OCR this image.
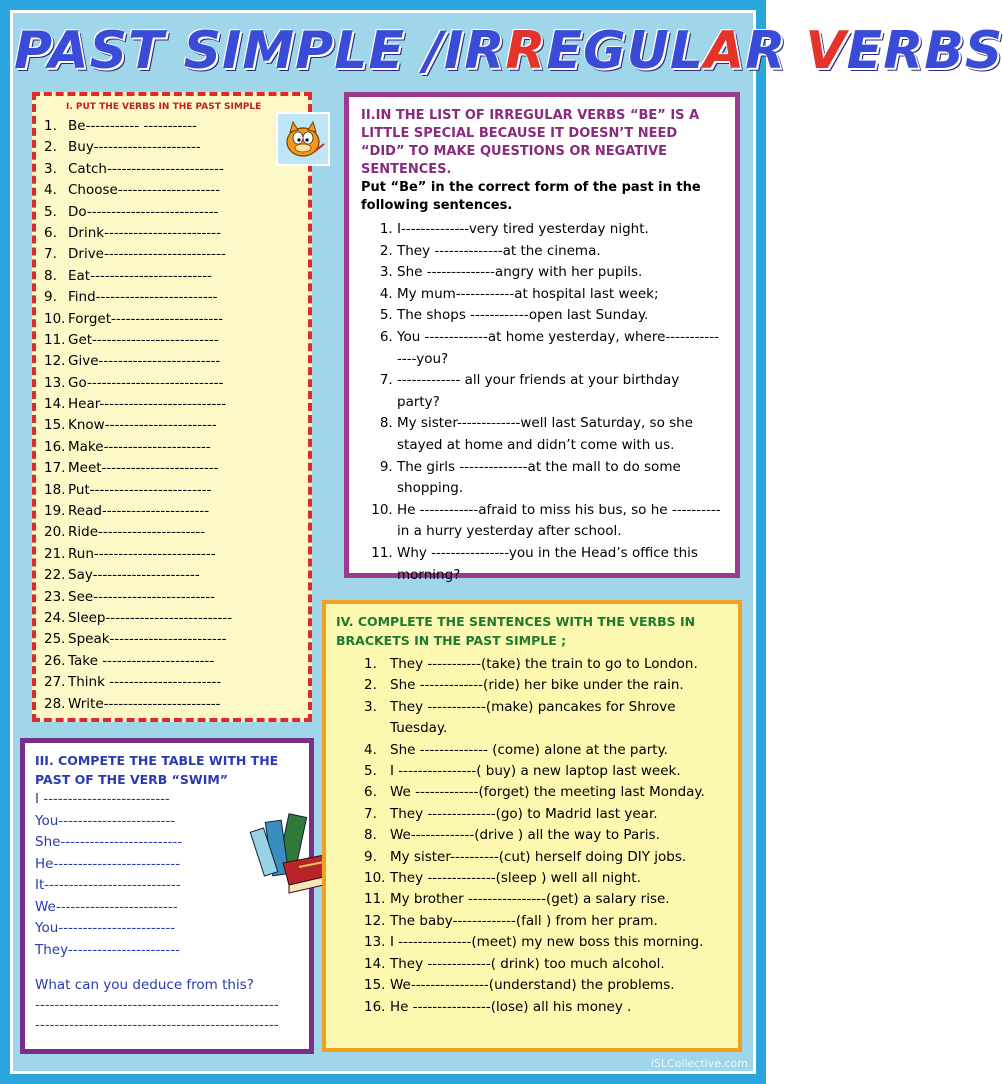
PAST SIMPLE /IRREGULAR VERBS
I. PUT THE VERBS IN THE PAST SIMPLE
1. Be----------- -----------
2. Buy----------------------
3. Catch------------------------
4. Choose---------------------
5. Do---------------------------
6. Drink------------------------
7. Drive-------------------------
8. Eat-------------------------
9. Find-------------------------
10. Forget-----------------------
11. Get--------------------------
12. Give-------------------------
13. Go----------------------------
14. Hear--------------------------
15. Know-----------------------
16. Make----------------------
17. Meet------------------------
18. Put-------------------------
19. Read----------------------
20. Ride----------------------
21. Run-------------------------
22. Say----------------------
23. See-------------------------
24. Sleep--------------------------
25. Speak------------------------
26. Take -----------------------
27. Think -----------------------
28. Write------------------------
II.IN THE LIST OF IRREGULAR VERBS “BE” IS A LITTLE SPECIAL BECAUSE IT DOESN’T NEED “DID” TO MAKE QUESTIONS OR NEGATIVE SENTENCES.
Put “Be” in the correct form of the past in the following sentences.
1. I--------------very tired yesterday night.
2. They --------------at the cinema.
3. She --------------angry with her pupils.
4. My mum------------at hospital last week;
5. The shops ------------open last Sunday.
6. You -------------at home yesterday, where---------------you?
7. ------------- all your friends at your birthday party?
8. My sister-------------well last Saturday, so she stayed at home and didn’t come with us.
9. The girls --------------at the mall to do some shopping.
10. He ------------afraid to miss his bus, so he ----------in a hurry yesterday after school.
11. Why ----------------you in the Head’s office this morning?
III. COMPETE THE TABLE WITH THE PAST OF THE VERB “SWIM”
I --------------------------
You------------------------
She-------------------------
He--------------------------
It----------------------------
We-------------------------
You------------------------
They-----------------------
What can you deduce from this?
--------------------------------------------------
--------------------------------------------------
IV. COMPLETE THE SENTENCES WITH THE VERBS IN BRACKETS IN THE PAST SIMPLE ;
1. They -----------(take) the train to go to London.
2. She -------------(ride) her bike under the rain.
3. They ------------(make) pancakes for Shrove Tuesday.
4. She -------------- (come) alone at the party.
5. I ----------------( buy) a new laptop last week.
6. We -------------(forget) the meeting last Monday.
7. They --------------(go) to Madrid last year.
8. We-------------(drive ) all the way to Paris.
9. My sister----------(cut) herself doing DIY jobs.
10. They --------------(sleep ) well all night.
11. My brother ----------------(get) a salary rise.
12. The baby-------------(fall ) from her pram.
13. I ---------------(meet) my new boss this morning.
14. They -------------( drink) too much alcohol.
15. We----------------(understand) the problems.
16. He ----------------(lose) all his money .
iSLCollective.com
